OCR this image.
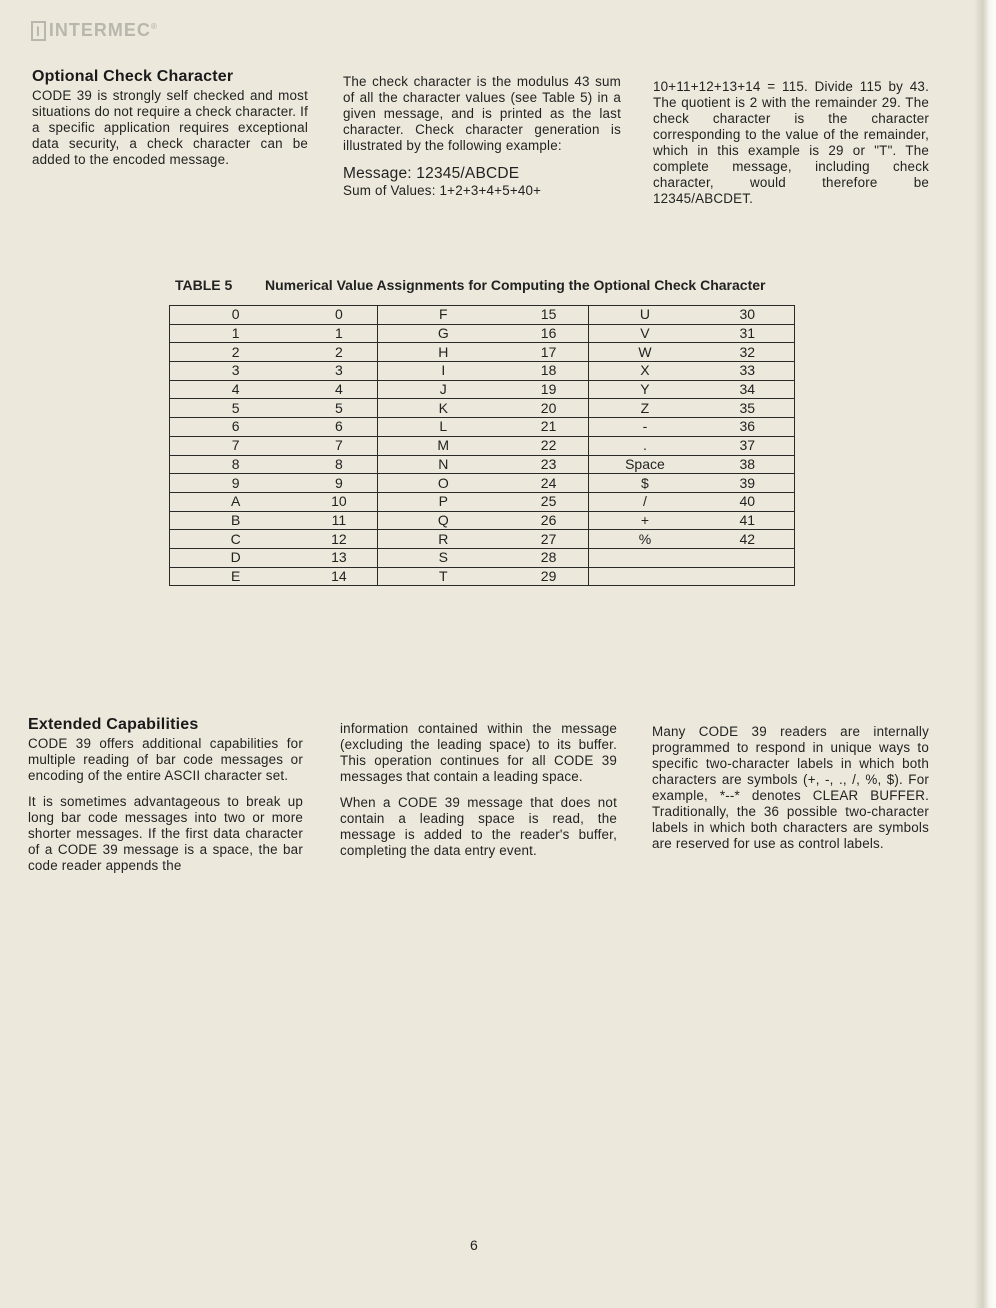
I INTERMEC®
Optional Check Character

CODE 39 is strongly self checked and most situations do not require a check character. If a specific application requires exceptional data security, a check character can be added to the encoded message.

The check character is the modulus 43 sum of all the character values (see Table 5) in a given message, and is printed as the last character. Check character generation is illustrated by the following example:

Message: 12345/ABCDE
Sum of Values: 1+2+3+4+5+40+

10+11+12+13+14 = 115. Divide 115 by 43. The quotient is 2 with the remainder 29. The check character is the character corresponding to the value of the remainder, which in this example is 29 or "T". The complete message, including check character, would therefore be 12345/ABCDET.

TABLE 5 Numerical Value Assignments for Computing the Optional Check Character
0	0	F	15	U	30
1	1	G	16	V	31
2	2	H	17	W	32
3	3	I	18	X	33
4	4	J	19	Y	34
5	5	K	20	Z	35
6	6	L	21	-	36
7	7	M	22	.	37
8	8	N	23	Space	38
9	9	O	24	$	39
A	10	P	25	/	40
B	11	Q	26	+	41
C	12	R	27	%	42
D	13	S	28		
E	14	T	29		
Extended Capabilities

CODE 39 offers additional capabilities for multiple reading of bar code messages or encoding of the entire ASCII character set.

It is sometimes advantageous to break up long bar code messages into two or more shorter messages. If the first data character of a CODE 39 message is a space, the bar code reader appends the

information contained within the message (excluding the leading space) to its buffer. This operation continues for all CODE 39 messages that contain a leading space.

When a CODE 39 message that does not contain a leading space is read, the message is added to the reader's buffer, completing the data entry event.

Many CODE 39 readers are internally programmed to respond in unique ways to specific two-character labels in which both characters are symbols (+, -, ., /, %, $). For example, *--* denotes CLEAR BUFFER. Traditionally, the 36 possible two-character labels in which both characters are symbols are reserved for use as control labels.

6
